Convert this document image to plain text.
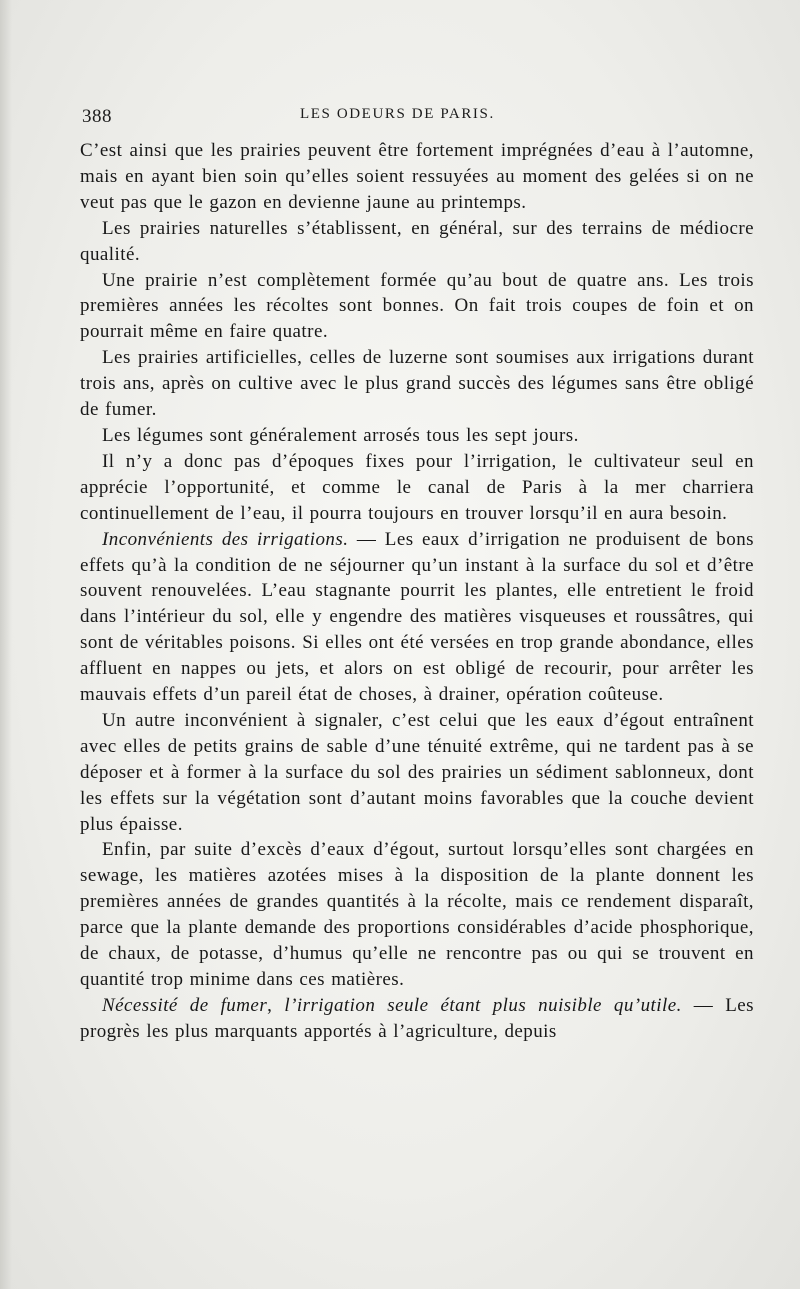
388	LES ODEURS DE PARIS.

C’est ainsi que les prairies peuvent être fortement imprégnées d’eau à l’automne, mais en ayant bien soin qu’elles soient ressuyées au moment des gelées si on ne veut pas que le gazon en devienne jaune au printemps.

Les prairies naturelles s’établissent, en général, sur des terrains de médiocre qualité.

Une prairie n’est complètement formée qu’au bout de quatre ans. Les trois premières années les récoltes sont bonnes. On fait trois coupes de foin et on pourrait même en faire quatre.

Les prairies artificielles, celles de luzerne sont soumises aux irrigations durant trois ans, après on cultive avec le plus grand succès des légumes sans être obligé de fumer.

Les légumes sont généralement arrosés tous les sept jours.

Il n’y a donc pas d’époques fixes pour l’irrigation, le cultivateur seul en apprécie l’opportunité, et comme le canal de Paris à la mer charriera continuellement de l’eau, il pourra toujours en trouver lorsqu’il en aura besoin.

Inconvénients des irrigations. — Les eaux d’irrigation ne produisent de bons effets qu’à la condition de ne séjourner qu’un instant à la surface du sol et d’être souvent renouvelées. L’eau stagnante pourrit les plantes, elle entretient le froid dans l’intérieur du sol, elle y engendre des matières visqueuses et roussâtres, qui sont de véritables poisons. Si elles ont été versées en trop grande abondance, elles affluent en nappes ou jets, et alors on est obligé de recourir, pour arrêter les mauvais effets d’un pareil état de choses, à drainer, opération coûteuse.

Un autre inconvénient à signaler, c’est celui que les eaux d’égout entraînent avec elles de petits grains de sable d’une ténuité extrême, qui ne tardent pas à se déposer et à former à la surface du sol des prairies un sédiment sablonneux, dont les effets sur la végétation sont d’autant moins favorables que la couche devient plus épaisse.

Enfin, par suite d’excès d’eaux d’égout, surtout lorsqu’elles sont chargées en sewage, les matières azotées mises à la disposition de la plante donnent les premières années de grandes quantités à la récolte, mais ce rendement disparaît, parce que la plante demande des proportions considérables d’acide phosphorique, de chaux, de potasse, d’humus qu’elle ne rencontre pas ou qui se trouvent en quantité trop minime dans ces matières.

Nécessité de fumer, l’irrigation seule étant plus nuisible qu’utile. — Les progrès les plus marquants apportés à l’agriculture, depuis
